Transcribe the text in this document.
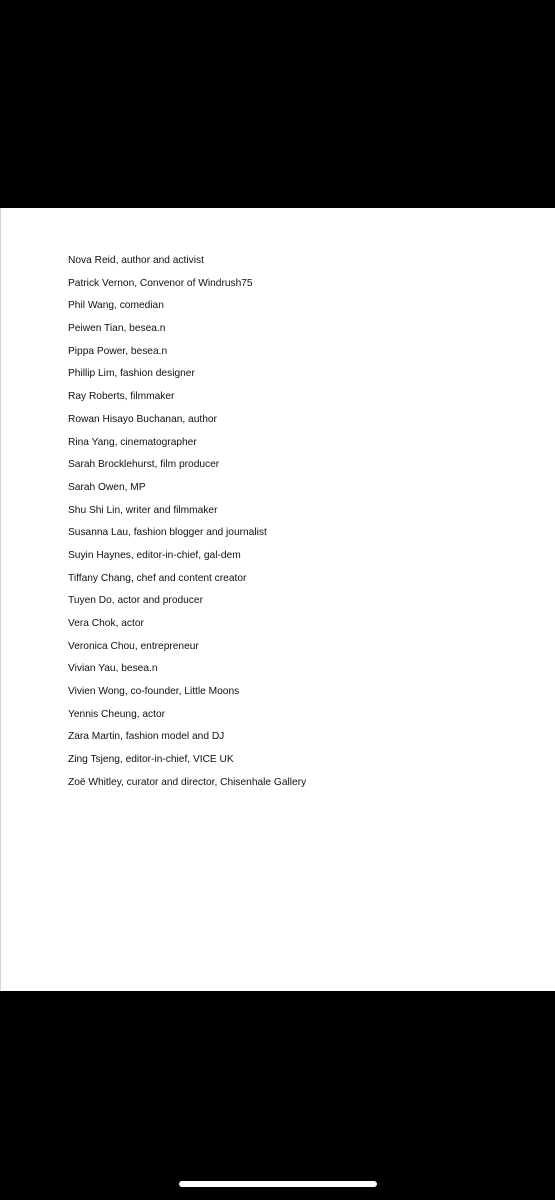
Nova Reid, author and activist
Patrick Vernon, Convenor of Windrush75
Phil Wang, comedian
Peiwen Tian, besea.n
Pippa Power, besea.n
Phillip Lim, fashion designer
Ray Roberts, filmmaker
Rowan Hisayo Buchanan, author
Rina Yang, cinematographer
Sarah Brocklehurst, film producer
Sarah Owen, MP
Shu Shi Lin, writer and filmmaker
Susanna Lau, fashion blogger and journalist
Suyin Haynes, editor-in-chief, gal-dem
Tiffany Chang, chef and content creator
Tuyen Do, actor and producer
Vera Chok, actor
Veronica Chou, entrepreneur
Vivian Yau, besea.n
Vivien Wong, co-founder, Little Moons
Yennis Cheung, actor
Zara Martin, fashion model and DJ
Zing Tsjeng, editor-in-chief, VICE UK
Zoë Whitley, curator and director, Chisenhale Gallery
